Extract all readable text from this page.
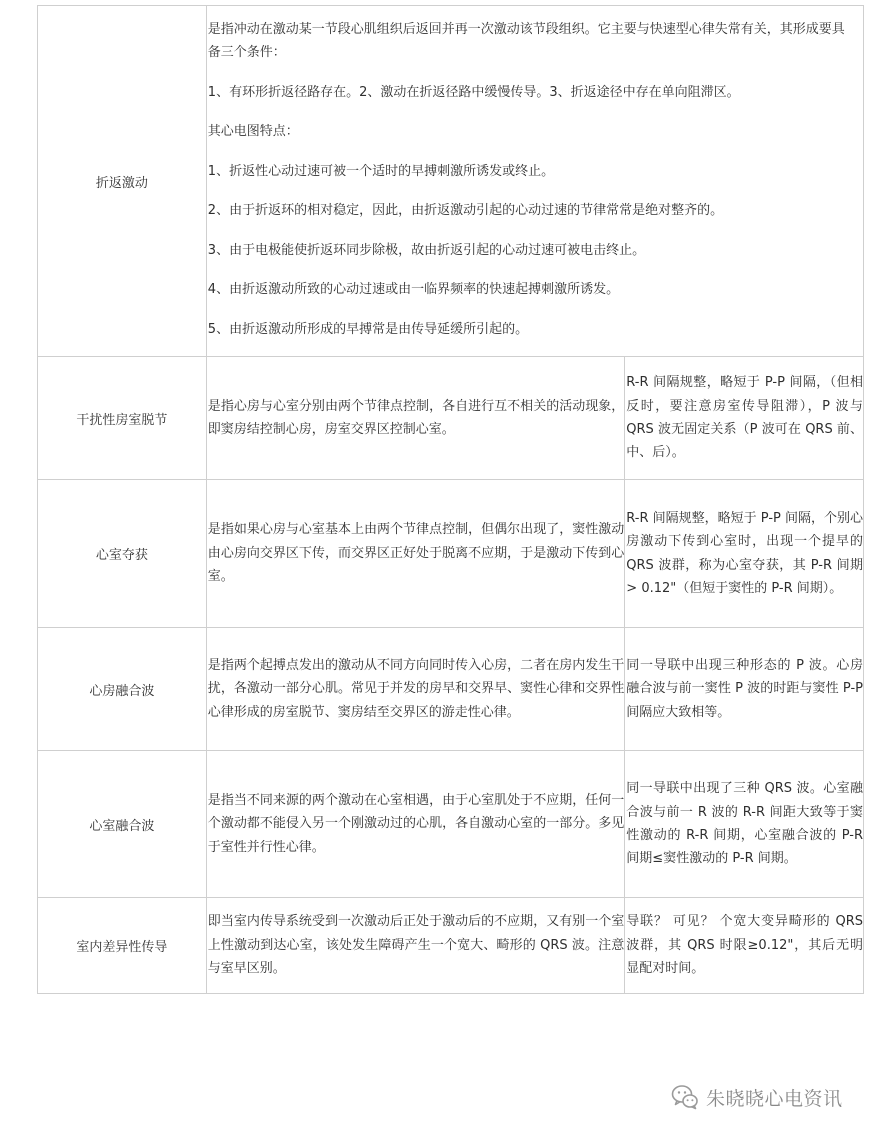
折返激动

是指冲动在激动某一节段心肌组织后返回并再一次激动该节段组织。它主要与快速型心律失常有关，其形成要具备三个条件：

1、有环形折返径路存在。2、激动在折返径路中缓慢传导。3、折返途径中存在单向阻滞区。

其心电图特点：

1、折返性心动过速可被一个适时的早搏刺激所诱发或终止。

2、由于折返环的相对稳定，因此，由折返激动引起的心动过速的节律常常是绝对整齐的。

3、由于电极能使折返环同步除极，故由折返引起的心动过速可被电击终止。

4、由折返激动所致的心动过速或由一临界频率的快速起搏刺激所诱发。

5、由折返激动所形成的早搏常是由传导延缓所引起的。

干扰性房室脱节
是指心房与心室分别由两个节律点控制，各自进行互不相关的活动现象，即窦房结控制心房，房室交界区控制心室。
R-R 间隔规整，略短于 P-P 间隔，（但相反时，要注意房室传导阻滞），P 波与 QRS 波无固定关系（P 波可在 QRS 前、中、后）。
心室夺获
是指如果心房与心室基本上由两个节律点控制，但偶尔出现了，窦性激动由心房向交界区下传，而交界区正好处于脱离不应期，于是激动下传到心室。
R-R 间隔规整，略短于 P-P 间隔，个别心房激动下传到心室时，出现一个提早的 QRS 波群，称为心室夺获，其 P-R 间期 > 0.12"（但短于窦性的 P-R 间期）。
心房融合波
是指两个起搏点发出的激动从不同方向同时传入心房，二者在房内发生干扰，各激动一部分心肌。常见于并发的房早和交界早、窦性心律和交界性心律形成的房室脱节、窦房结至交界区的游走性心律。
同一导联中出现三种形态的 P 波。心房融合波与前一窦性 P 波的时距与窦性 P-P 间隔应大致相等。
心室融合波
是指当不同来源的两个激动在心室相遇，由于心室肌处于不应期，任何一个激动都不能侵入另一个刚激动过的心肌，各自激动心室的一部分。多见于室性并行性心律。
同一导联中出现了三种 QRS 波。心室融合波与前一 R 波的 R-R 间距大致等于窦性激动的 R-R 间期，心室融合波的 P-R 间期≤窦性激动的 P-R 间期。
室内差异性传导
即当室内传导系统受到一次激动后正处于激动后的不应期，又有别一个室上性激动到达心室，该处发生障碍产生一个宽大、畸形的 QRS 波。注意与室早区别。
导联？ 可见？ 个宽大变异畸形的 QRS 波群，其 QRS 时限≥0.12"，其后无明显配对时间。
朱晓晓心电资讯
